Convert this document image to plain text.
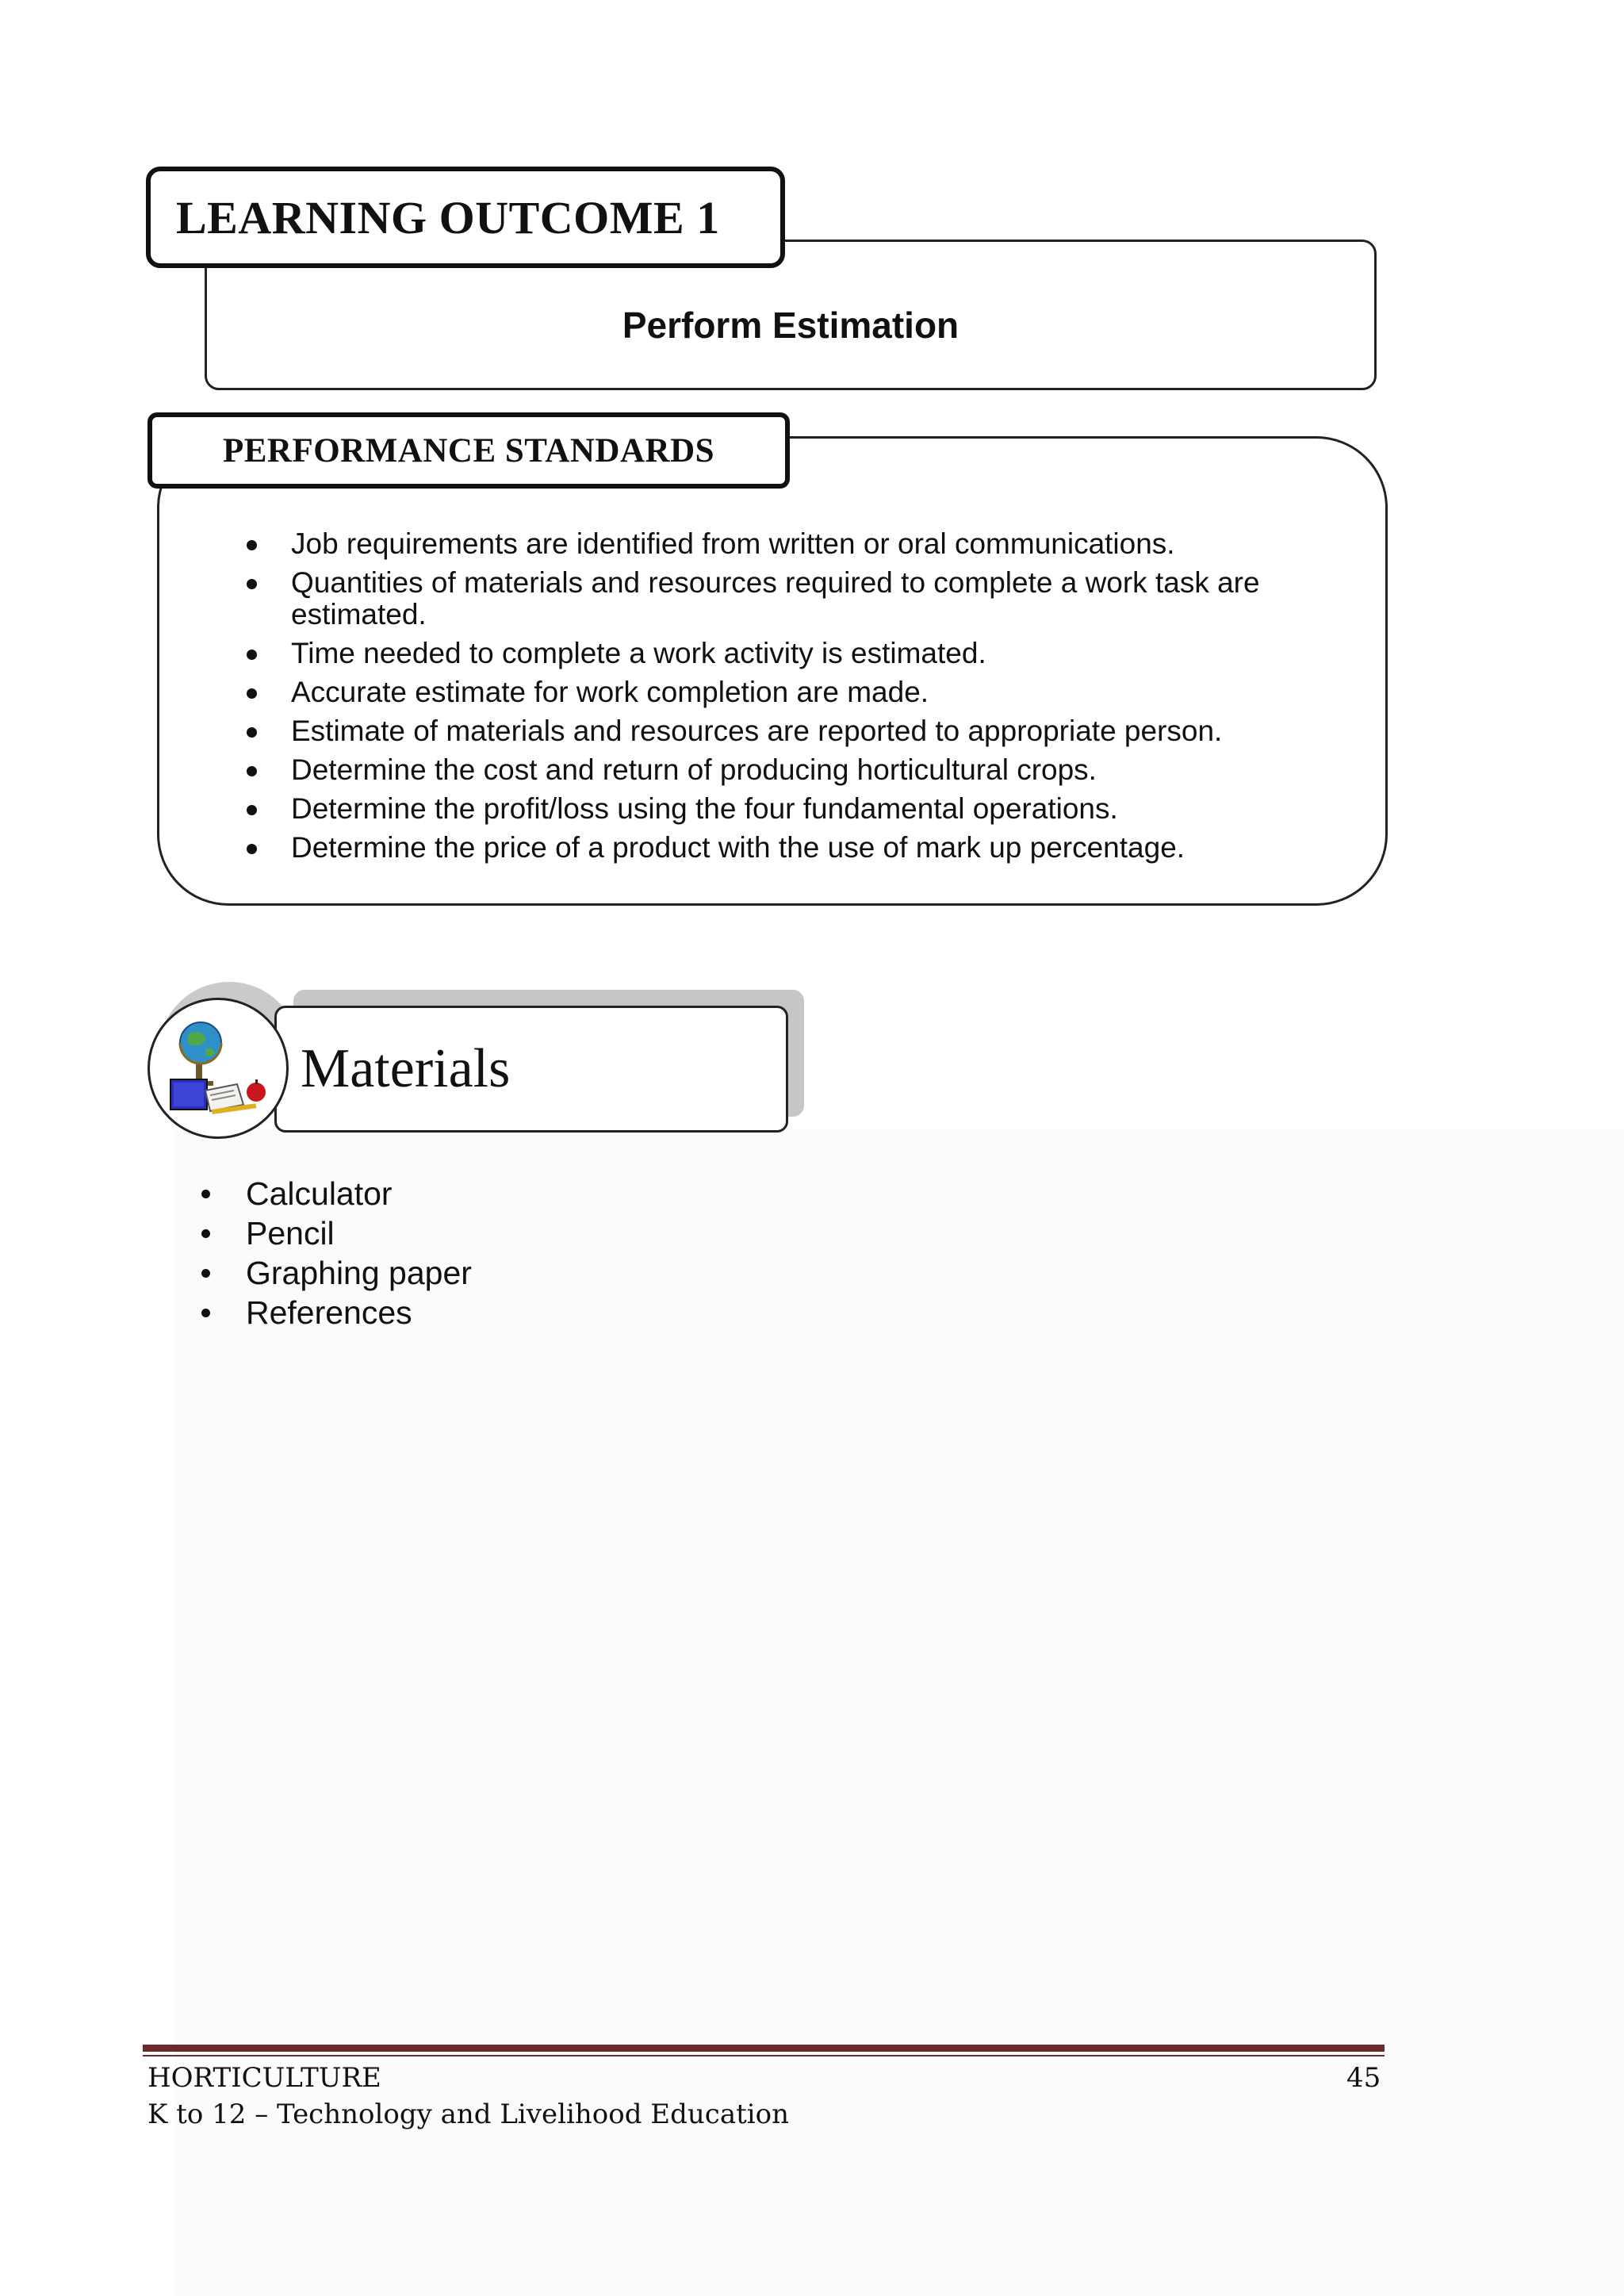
LEARNING OUTCOME 1
Perform Estimation
PERFORMANCE STANDARDS
Job requirements are identified from written or oral communications.
Quantities of materials and resources required to complete a work task are estimated.
Time needed to complete a work activity is estimated.
Accurate estimate for work completion are made.
Estimate of materials and resources are reported to appropriate person.
Determine the cost and return of producing horticultural crops.
Determine the profit/loss using the four fundamental operations.
Determine the price of a product with the use of mark up percentage.
Materials
Calculator
Pencil
Graphing paper
References
HORTICULTURE
K to 12 – Technology and Livelihood Education
45
